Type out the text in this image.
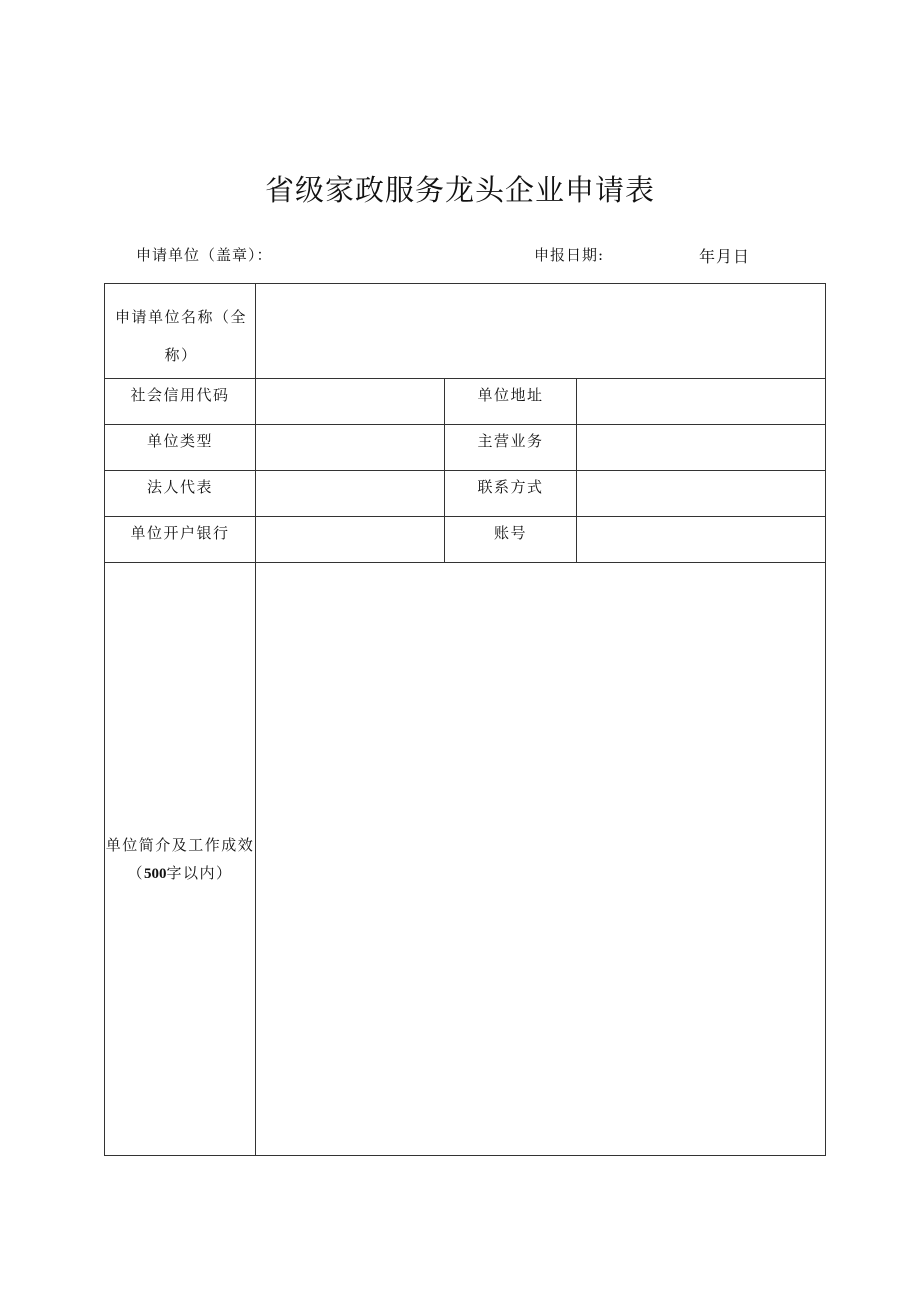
省级家政服务龙头企业申请表
申请单位（盖章）：	申报日期:	年月日
申请单位名称（全称）			
社会信用代码		单位地址	
单位类型		主营业务	
法人代表		联系方式	
单位开户银行		账号	

单位简介及工作成效
（500字以内）			
